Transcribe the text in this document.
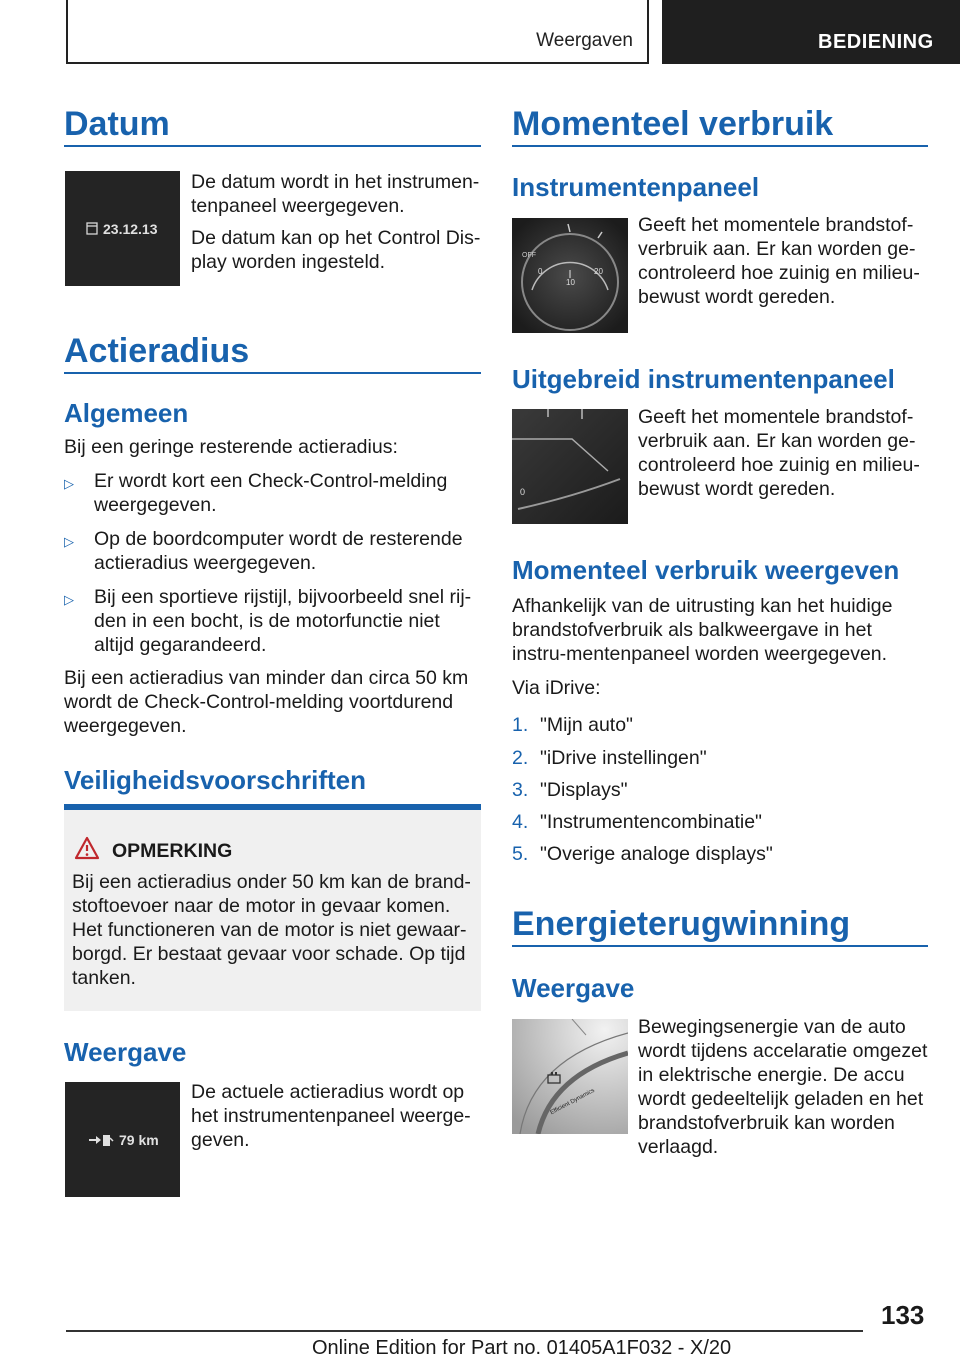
Weergaven	BEDIENING
Datum
23.12.13

De datum wordt in het instrumen-tenpaneel weergegeven.

De datum kan op het Control Dis-play worden ingesteld.

Actieradius
Algemeen
Bij een geringe resterende actieradius:
▷	Er wordt kort een Check-Control-melding weergegeven.
▷	Op de boordcomputer wordt de resterende actieradius weergegeven.
▷	Bij een sportieve rijstijl, bijvoorbeeld snel rij-den in een bocht, is de motorfunctie niet altijd gegarandeerd.
Bij een actieradius van minder dan circa 50 km wordt de Check-Control-melding voortdurend weergegeven.
Veiligheidsvoorschriften
Weergave
79 km
De actuele actieradius wordt op het instrumentenpaneel weerge-geven.
OPMERKING
Bij een actieradius onder 50 km kan de brand-stoftoevoer naar de motor in gevaar komen. Het functioneren van de motor is niet gewaar-borgd. Er bestaat gevaar voor schade. Op tijd tanken.
Momenteel verbruik
Instrumentenpaneel
0	20
10
OFF
Geeft het momentele brandstof-verbruik aan. Er kan worden ge-controleerd hoe zuinig en milieu-bewust wordt gereden.
Uitgebreid instrumentenpaneel
0
Geeft het momentele brandstof-verbruik aan. Er kan worden ge-controleerd hoe zuinig en milieu-bewust wordt gereden.
Momenteel verbruik weergeven
Afhankelijk van de uitrusting kan het huidige brandstofverbruik als balkweergave in het instru-mentenpaneel worden weergegeven.
Via iDrive:
1. "Mijn auto"
2. "iDrive instellingen"
3. "Displays"
4. "Instrumentencombinatie"
5. "Overige analoge displays"
Energieterugwinning
Weergave
Efficient Dynamics
Bewegingsenergie van de auto wordt tijdens accelaratie omgezet in elektrische energie. De accu wordt gedeeltelijk geladen en het brandstofverbruik kan worden verlaagd.
133
Online Edition for Part no. 01405A1F032 - X/20
